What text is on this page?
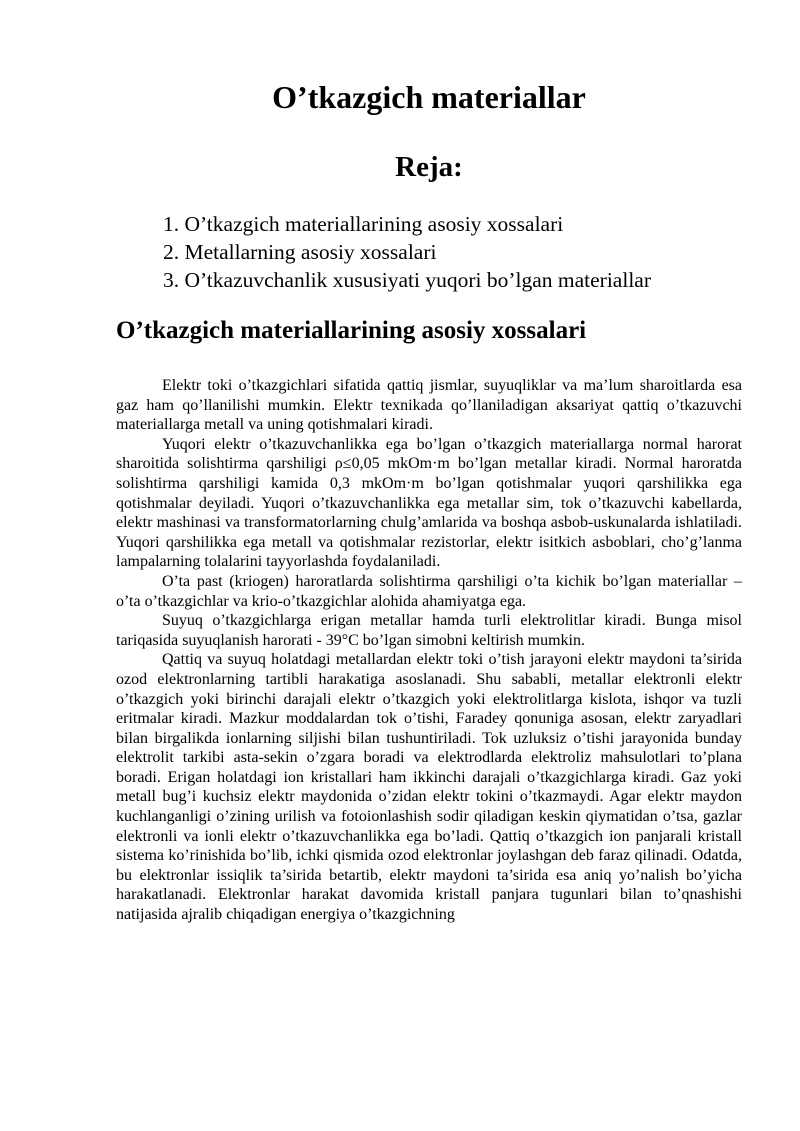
O’tkazgich materiallar
Reja:
1. O’tkazgich materiallarining asosiy xossalari
2. Metallarning asosiy xossalari
3. O’tkazuvchanlik xususiyati yuqori bo’lgan materiallar
O’tkazgich materiallarining asosiy xossalari

Elektr toki o’tkazgichlari sifatida qattiq jismlar, suyuqliklar va ma’lum sharoitlarda esa gaz ham qo’llanilishi mumkin. Elektr texnikada qo’llaniladigan aksariyat qattiq o’tkazuvchi materiallarga metall va uning qotishmalari kiradi.

Yuqori elektr o’tkazuvchanlikka ega bo’lgan o’tkazgich materiallarga normal harorat sharoitida solishtirma qarshiligi ρ≤0,05 mkOm·m bo’lgan metallar kiradi. Normal haroratda solishtirma qarshiligi kamida 0,3 mkOm·m bo’lgan qotishmalar yuqori qarshilikka ega qotishmalar deyiladi. Yuqori o’tkazuvchanlikka ega metallar sim, tok o’tkazuvchi kabellarda, elektr mashinasi va transformatorlarning chulg’amlarida va boshqa asbob-uskunalarda ishlatiladi. Yuqori qarshilikka ega metall va qotishmalar rezistorlar, elektr isitkich asboblari, cho’g’lanma lampalarning tolalarini tayyorlashda foydalaniladi.

O’ta past (kriogen) haroratlarda solishtirma qarshiligi o’ta kichik bo’lgan materiallar – o’ta o’tkazgichlar va krio-o’tkazgichlar alohida ahamiyatga ega.

Suyuq o’tkazgichlarga erigan metallar hamda turli elektrolitlar kiradi. Bunga misol tariqasida suyuqlanish harorati - 39°C bo’lgan simobni keltirish mumkin.

Qattiq va suyuq holatdagi metallardan elektr toki o’tish jarayoni elektr maydoni ta’sirida ozod elektronlarning tartibli harakatiga asoslanadi. Shu sababli, metallar elektronli elektr o’tkazgich yoki birinchi darajali elektr o’tkazgich yoki elektrolitlarga kislota, ishqor va tuzli eritmalar kiradi. Mazkur moddalardan tok o’tishi, Faradey qonuniga asosan, elektr zaryadlari bilan birgalikda ionlarning siljishi bilan tushuntiriladi. Tok uzluksiz o’tishi jarayonida bunday elektrolit tarkibi asta-sekin o’zgara boradi va elektrodlarda elektroliz mahsulotlari to’plana boradi. Erigan holatdagi ion kristallari ham ikkinchi darajali o’tkazgichlarga kiradi. Gaz yoki metall bug’i kuchsiz elektr maydonida o’zidan elektr tokini o’tkazmaydi. Agar elektr maydon kuchlanganligi o’zining urilish va fotoionlashish sodir qiladigan keskin qiymatidan o’tsa, gazlar elektronli va ionli elektr o’tkazuvchanlikka ega bo’ladi. Qattiq o’tkazgich ion panjarali kristall sistema ko’rinishida bo’lib, ichki qismida ozod elektronlar joylashgan deb faraz qilinadi. Odatda, bu elektronlar issiqlik ta’sirida betartib, elektr maydoni ta’sirida esa aniq yo’nalish bo’yicha harakatlanadi. Elektronlar harakat davomida kristall panjara tugunlari bilan to’qnashishi natijasida ajralib chiqadigan energiya o’tkazgichning
